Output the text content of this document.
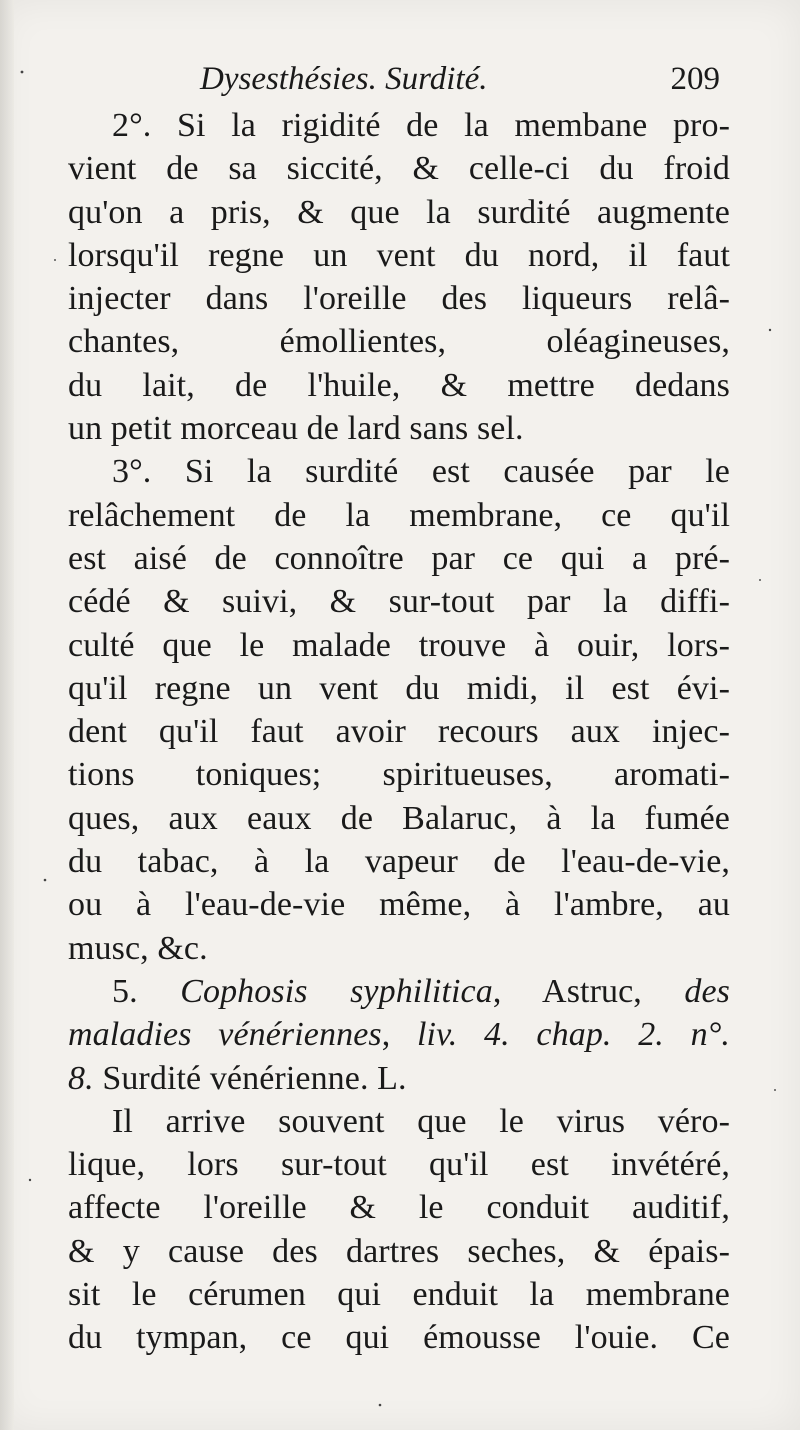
Dysesthésies. Surdité.	209
2°. Si la rigidité de la membane pro-
vient de sa siccité, & celle-ci du froid
qu'on a pris, & que la surdité augmente
lorsqu'il regne un vent du nord, il faut
injecter dans l'oreille des liqueurs relâ-
chantes, émollientes, oléagineuses,
du lait, de l'huile, & mettre dedans
un petit morceau de lard sans sel.
3°. Si la surdité est causée par le
relâchement de la membrane, ce qu'il
est aisé de connoître par ce qui a pré-
cédé & suivi, & sur-tout par la diffi-
culté que le malade trouve à ouir, lors-
qu'il regne un vent du midi, il est évi-
dent qu'il faut avoir recours aux injec-
tions toniques; spiritueuses, aromati-
ques, aux eaux de Balaruc, à la fumée
du tabac, à la vapeur de l'eau-de-vie,
ou à l'eau-de-vie même, à l'ambre, au
musc, &c.
5. Cophosis syphilitica, Astruc, des
maladies vénériennes, liv. 4. chap. 2. n°.
8. Surdité vénérienne. L.
Il arrive souvent que le virus véro-
lique, lors sur-tout qu'il est invétéré,
affecte l'oreille & le conduit auditif,
& y cause des dartres seches, & épais-
sit le cérumen qui enduit la membrane
du tympan, ce qui émousse l'ouie. Ce
